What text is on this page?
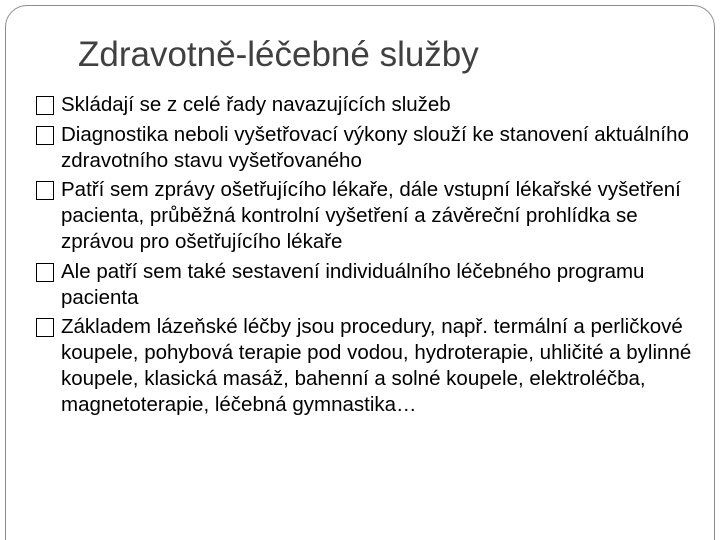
Zdravotně-léčebné služby
Skládají se z celé řady navazujících služeb
Diagnostika neboli vyšetřovací výkony slouží ke stanovení aktuálního zdravotního stavu vyšetřovaného
Patří sem zprávy ošetřujícího lékaře, dále vstupní lékařské vyšetření pacienta, průběžná kontrolní vyšetření a závěreční prohlídka se zprávou pro ošetřujícího lékaře
Ale patří sem také sestavení individuálního léčebného programu pacienta
Základem lázeňské léčby jsou procedury, např. termální a perličkové koupele, pohybová terapie pod vodou, hydroterapie, uhličité a bylinné koupele, klasická masáž, bahenní a solné koupele, elektroléčba, magnetoterapie, léčebná gymnastika…
